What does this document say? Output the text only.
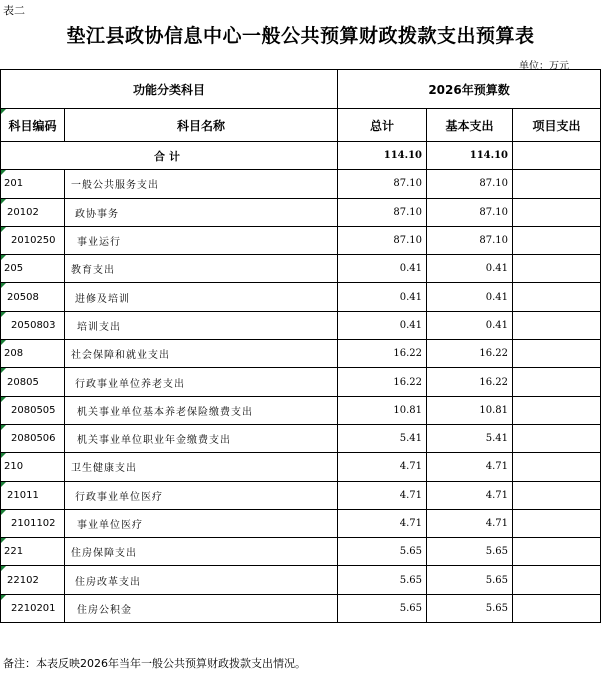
表二
垫江县政协信息中心一般公共预算财政拨款支出预算表
单位：万元
功能分类科目		2026年预算数		
科目编码	科目名称	总计	基本支出	项目支出
合计		114.10	114.10	
201	一般公共服务支出	87.10	87.10	
20102	政协事务	87.10	87.10	
2010250	事业运行	87.10	87.10	
205	教育支出	0.41	0.41	
20508	进修及培训	0.41	0.41	
2050803	培训支出	0.41	0.41	
208	社会保障和就业支出	16.22	16.22	
20805	行政事业单位养老支出	16.22	16.22	
2080505	机关事业单位基本养老保险缴费支出	10.81	10.81	
2080506	机关事业单位职业年金缴费支出	5.41	5.41	
210	卫生健康支出	4.71	4.71	
21011	行政事业单位医疗	4.71	4.71	
2101102	事业单位医疗	4.71	4.71	
221	住房保障支出	5.65	5.65	
22102	住房改革支出	5.65	5.65	
2210201	住房公积金	5.65	5.65	
备注：本表反映2026年当年一般公共预算财政拨款支出情况。
